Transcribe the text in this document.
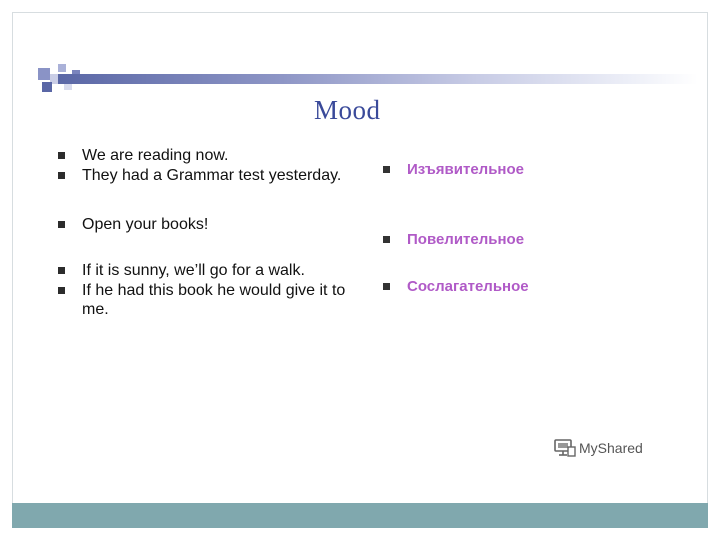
Mood
We are reading now.
They had a Grammar test yesterday.
Open your books!
If it is sunny, we’ll go for a walk.
If he had this book he would give it to me.
Изъявительное
Повелительное
Сослагательное
MyShared
